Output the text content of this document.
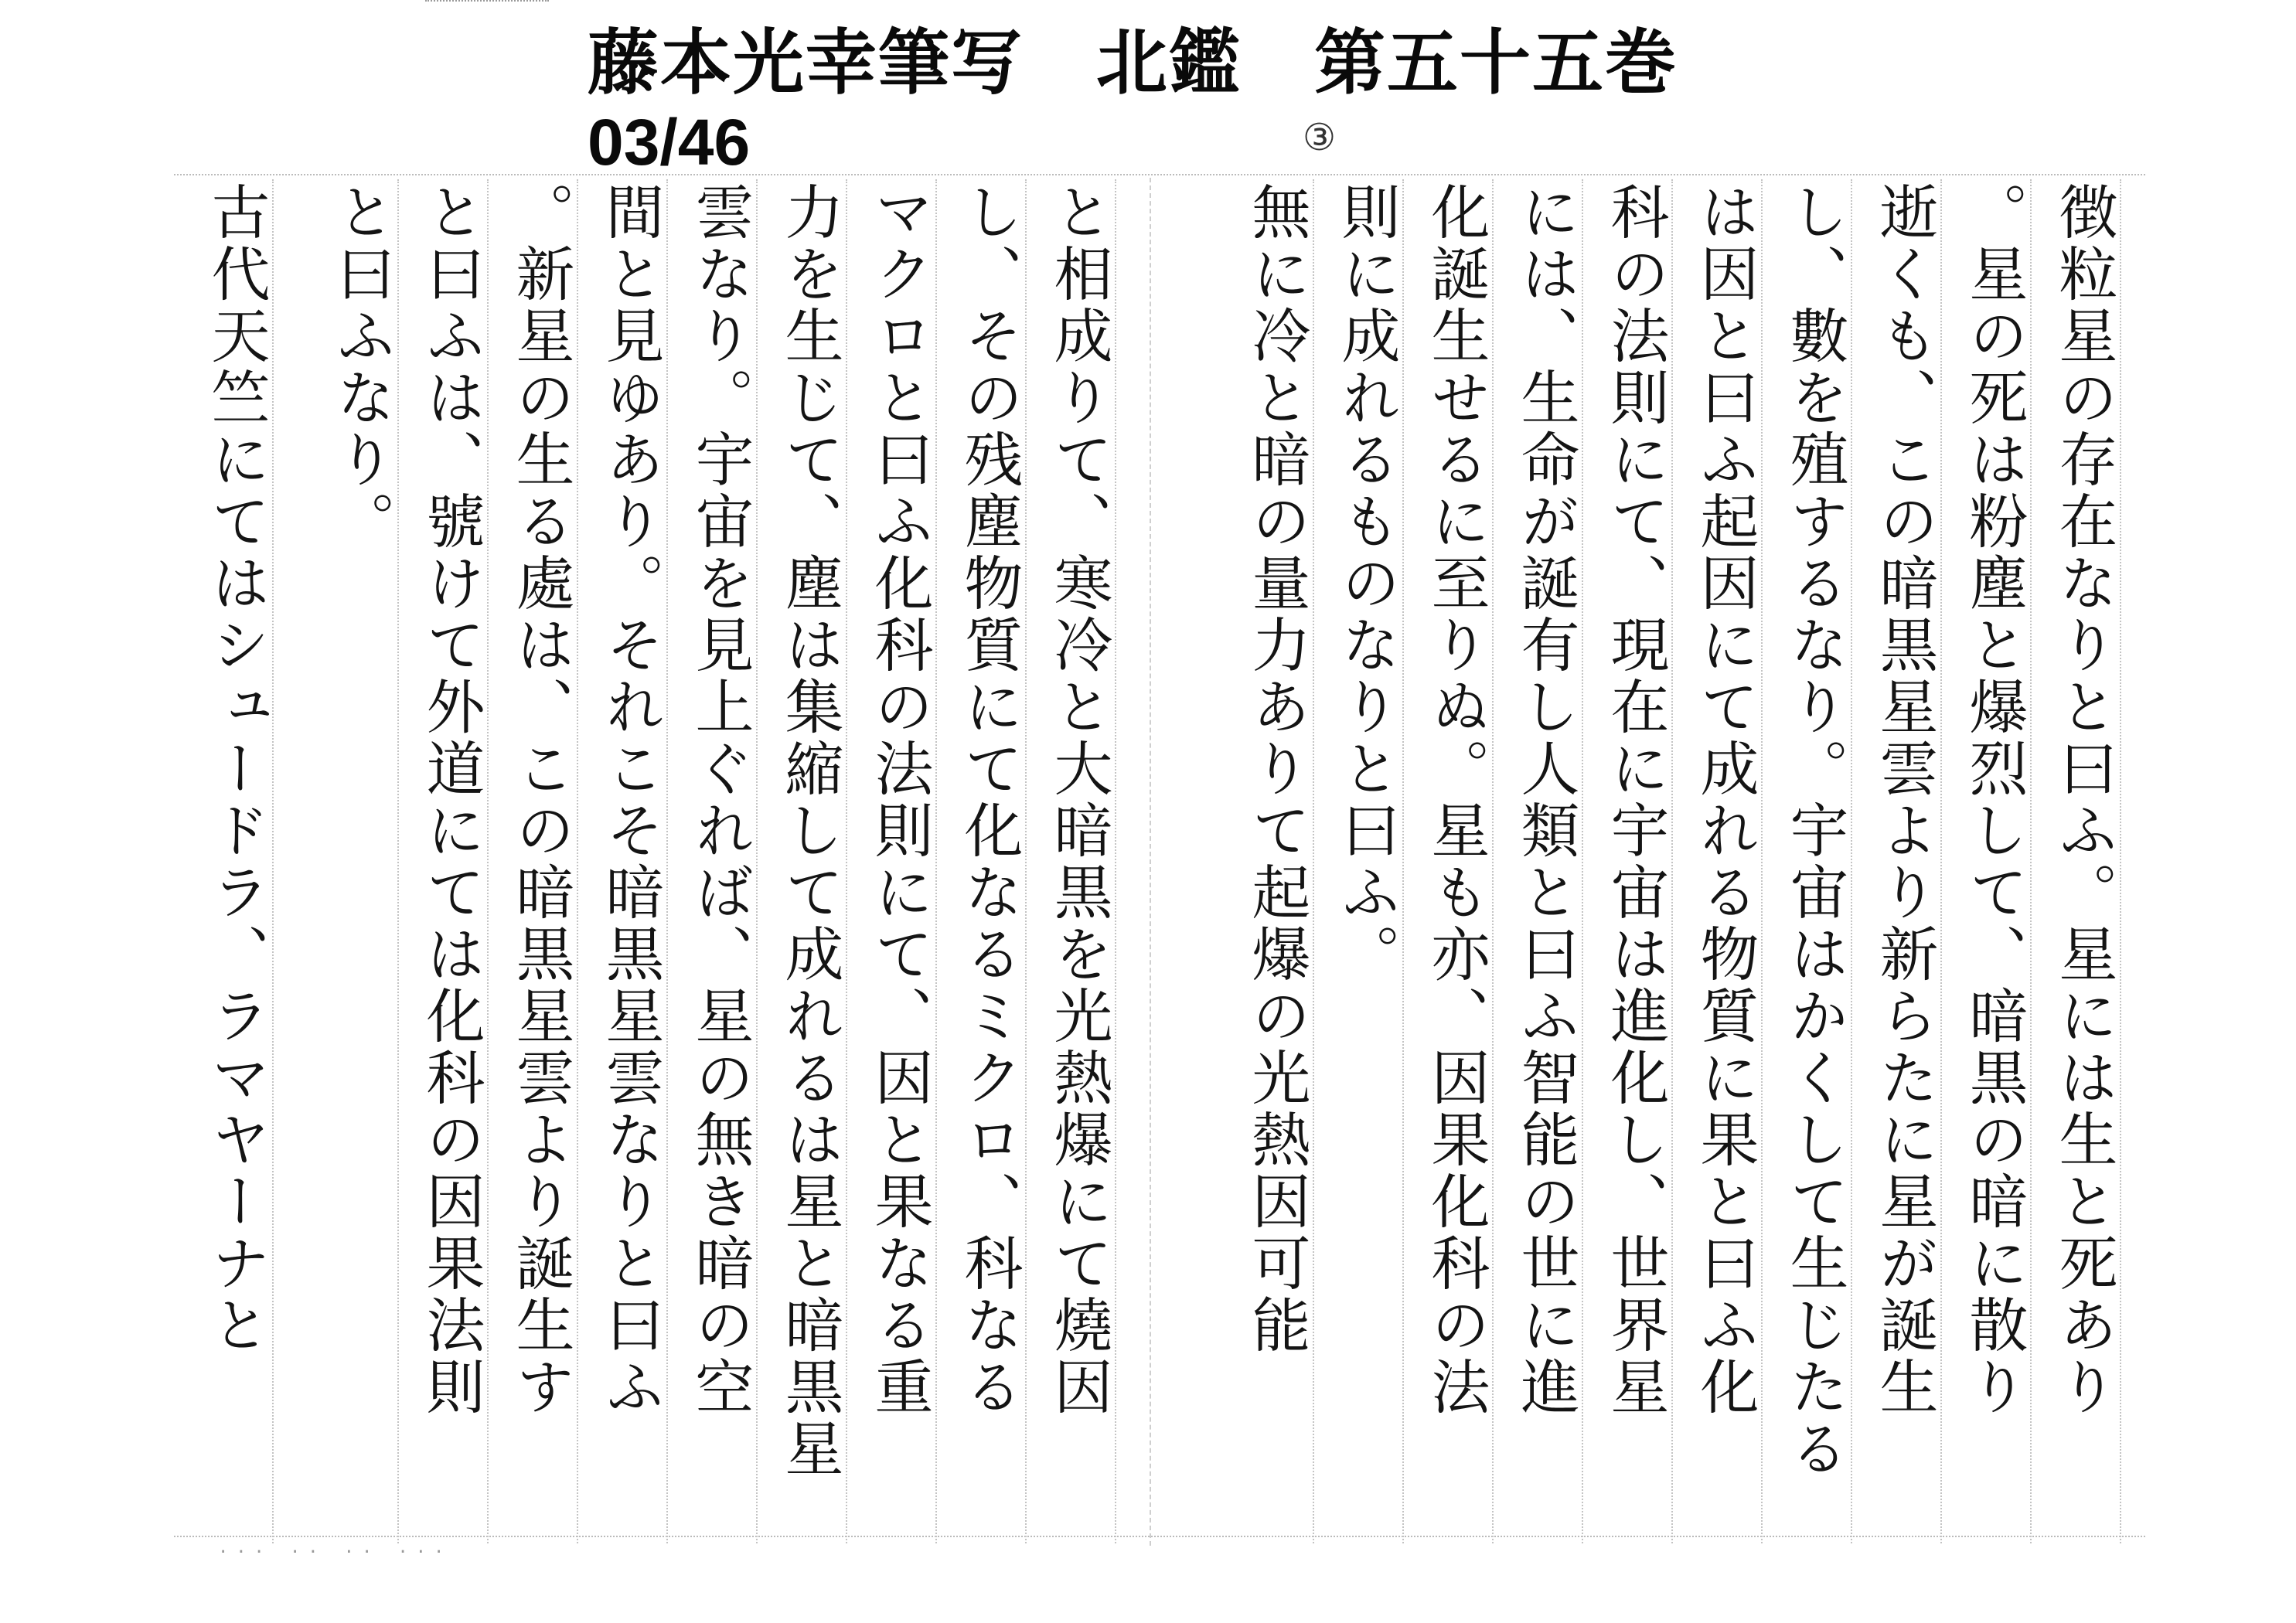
藤本光幸筆写　北鑑　第五十五巻
03/46	③
徴粒星の存在なりと曰ふ。星には生と死あり
。星の死は粉塵と爆烈して、暗黒の暗に散り
逝くも、この暗黒星雲より新らたに星が誕生
し、數を殖するなり。宇宙はかくして生じたる
は因と曰ふ起因にて成れる物質に果と曰ふ化
科の法則にて、現在に宇宙は進化し、世界星
には、生命が誕有し人類と曰ふ智能の世に進
化誕生せるに至りぬ。星も亦、因果化科の法
則に成れるものなりと曰ふ。
無に冷と暗の量力ありて起爆の光熱因可能
と相成りて、寒冷と大暗黒を光熱爆にて燒因
し、その残塵物質にて化なるミクロ、科なる
マクロと曰ふ化科の法則にて、因と果なる重
力を生じて、塵は集縮して成れるは星と暗黒星
雲なり。宇宙を見上ぐれば、星の無き暗の空
間と見ゆあり。それこそ暗黒星雲なりと曰ふ
。新星の生る處は、この暗黒星雲より誕生す
と曰ふは、號けて外道にては化科の因果法則
と曰ふなり。
古代天竺にてはシュードラ、ラマヤーナと
... .. .. ...
